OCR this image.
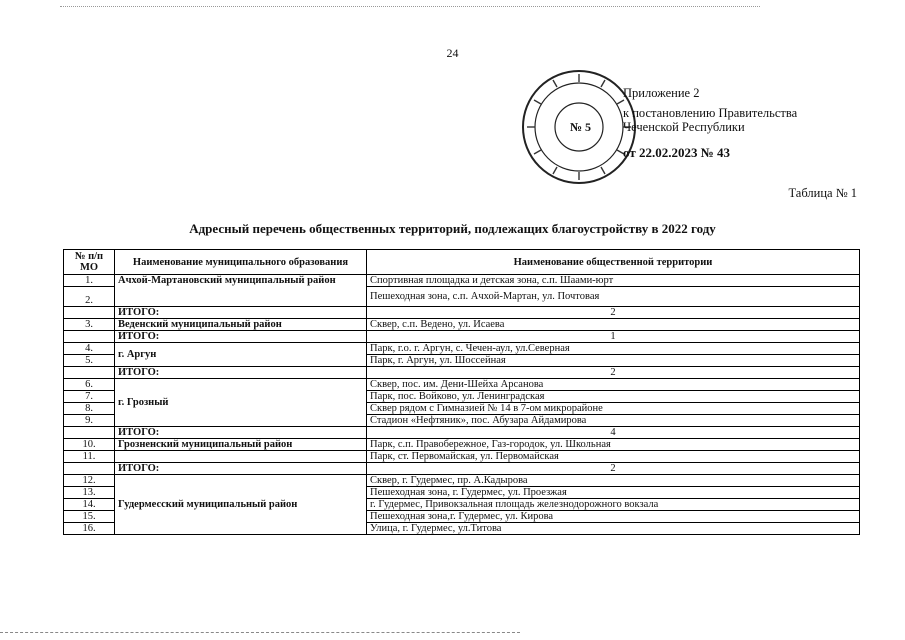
24
№ 5
Приложение 2
к постановлению Правительства
Чеченской Республики
от 22.02.2023 № 43
Таблица № 1
Адресный перечень общественных территорий, подлежащих благоустройству в 2022 году
№ п/п МО	Наименование муниципального образования	Наименование общественной территории
1.	Ачхой-Мартановский муниципальный район	Спортивная площадка и детская зона, с.п. Шаами-юрт
2.		Пешеходная зона, с.п. Ачхой-Мартан, ул. Почтовая
	ИТОГО:	2
3.	Веденский муниципальный район	Сквер, с.п. Ведено, ул. Исаева
	ИТОГО:	1
4.	г. Аргун	Парк, г.о. г. Аргун, с. Чечен-аул, ул.Северная
5.		Парк, г. Аргун, ул. Шоссейная
	ИТОГО:	2
6.	г. Грозный	Сквер, пос. им. Дени-Шейха Арсанова
7.		Парк, пос. Войково, ул. Ленинградская
8.		Сквер рядом с Гимназией № 14 в 7-ом микрорайоне
9.		Стадион «Нефтяник», пос. Абузара Айдамирова
	ИТОГО:	4
10.	Грозненский муниципальный район	Парк, с.п. Правобережное, Газ-городок, ул. Школьная
11.		Парк, ст. Первомайская, ул. Первомайская
	ИТОГО:	2
12.	Гудермесский муниципальный район	Сквер, г. Гудермес, пр. А.Кадырова
13.		Пешеходная зона, г. Гудермес, ул. Проезжая
14.		г. Гудермес, Привокзальная площадь железнодорожного вокзала
15.		Пешеходная зона,г. Гудермес, ул. Кирова
16.		Улица, г. Гудермес, ул.Титова
